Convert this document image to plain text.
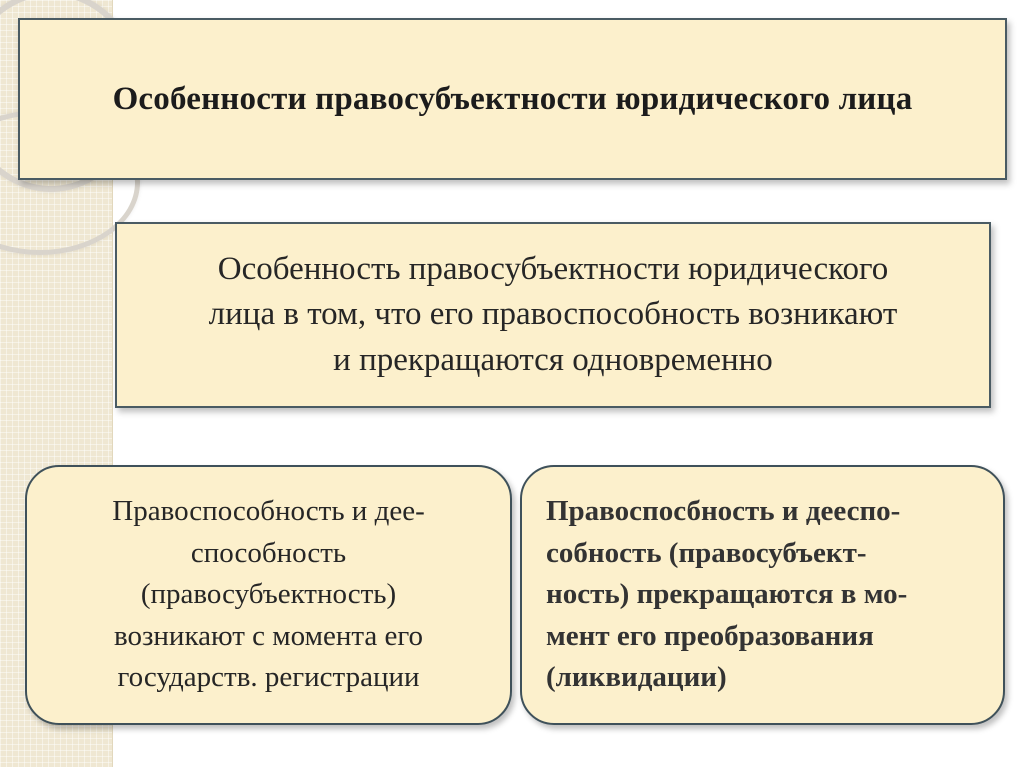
Особенности правосубъектности юридического лица

Особенность правосубъектности юридического
лица в том, что его правоспособность возникают
и прекращаются одновременно

Правоспособность и дее-
способность
(правосубъектность)
возникают с момента его
государств. регистрации

Правоспосбность и дееспо-
собность (правосубъект-
ность) прекращаются в мо-
мент его преобразования
(ликвидации)
